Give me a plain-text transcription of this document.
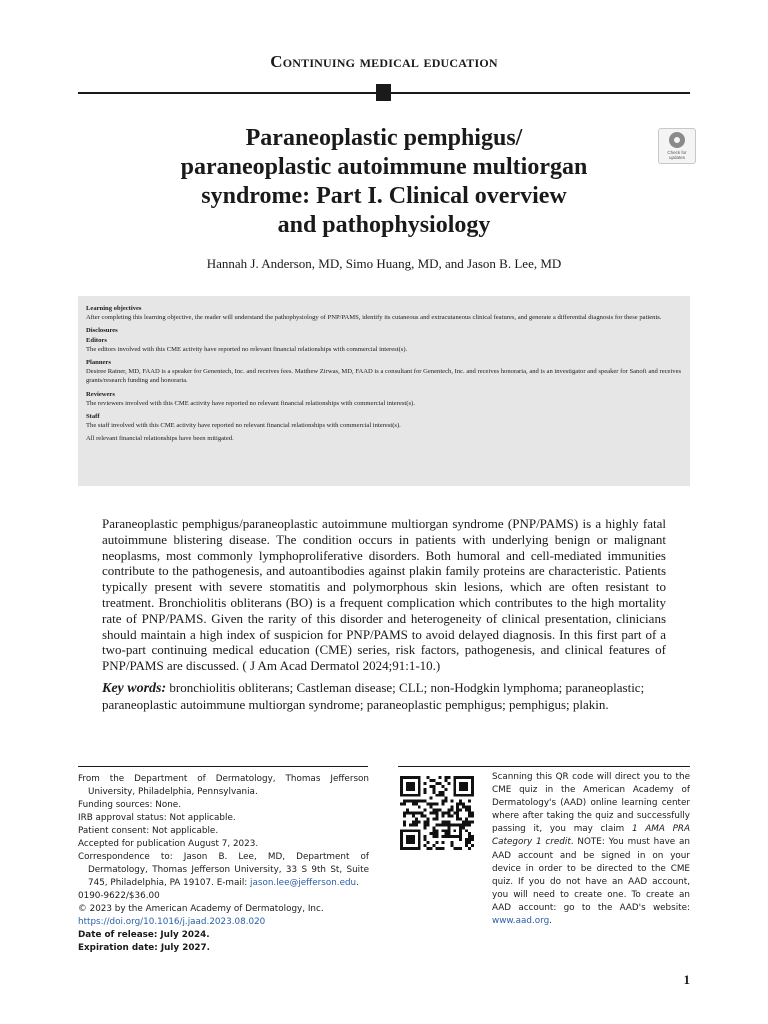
Continuing medical education
Paraneoplastic pemphigus/
paraneoplastic autoimmune multiorgan
syndrome: Part I. Clinical overview
and pathophysiology
Check for updates
Hannah J. Anderson, MD, Simo Huang, MD, and Jason B. Lee, MD
Learning objectives
After completing this learning objective, the reader will understand the pathophysiology of PNP/PAMS, identify its cutaneous and extracutaneous clinical features, and generate a differential diagnosis for these patients.
Disclosures
Editors
The editors involved with this CME activity have reported no relevant financial relationships with commercial interest(s).
Planners
Desiree Ratner, MD, FAAD is a speaker for Genentech, Inc. and receives fees. Matthew Zirwas, MD, FAAD is a consultant for Genentech, Inc. and receives honoraria, and is an investigator and speaker for Sanofi and receives grants/research funding and honoraria.
Reviewers
The reviewers involved with this CME activity have reported no relevant financial relationships with commercial interest(s).
Staff
The staff involved with this CME activity have reported no relevant financial relationships with commercial interest(s).
All relevant financial relationships have been mitigated.
Paraneoplastic pemphigus/paraneoplastic autoimmune multiorgan syndrome (PNP/PAMS) is a highly fatal autoimmune blistering disease. The condition occurs in patients with underlying benign or malignant neoplasms, most commonly lymphoproliferative disorders. Both humoral and cell-mediated immunities contribute to the pathogenesis, and autoantibodies against plakin family proteins are characteristic. Patients typically present with severe stomatitis and polymorphous skin lesions, which are often resistant to treatment. Bronchiolitis obliterans (BO) is a frequent complication which contributes to the high mortality rate of PNP/PAMS. Given the rarity of this disorder and heterogeneity of clinical presentation, clinicians should maintain a high index of suspicion for PNP/PAMS to avoid delayed diagnosis. In this first part of a two-part continuing medical education (CME) series, risk factors, pathogenesis, and clinical features of PNP/PAMS are discussed. ( J Am Acad Dermatol 2024;91:1-10.)
Key words: bronchiolitis obliterans; Castleman disease; CLL; non-Hodgkin lymphoma; paraneoplastic; paraneoplastic autoimmune multiorgan syndrome; paraneoplastic pemphigus; pemphigus; plakin.
From the Department of Dermatology, Thomas Jefferson University, Philadelphia, Pennsylvania.
Funding sources: None.
IRB approval status: Not applicable.
Patient consent: Not applicable.
Accepted for publication August 7, 2023.
Correspondence to: Jason B. Lee, MD, Department of Dermatology, Thomas Jefferson University, 33 S 9th St, Suite 745, Philadelphia, PA 19107. E-mail: jason.lee@jefferson.edu.
0190-9622/$36.00
© 2023 by the American Academy of Dermatology, Inc.
https://doi.org/10.1016/j.jaad.2023.08.020
Date of release: July 2024.
Expiration date: July 2027.
Scanning this QR code will direct you to the CME quiz in the American Academy of Dermatology's (AAD) online learning center where after taking the quiz and successfully passing it, you may claim 1 AMA PRA Category 1 credit. NOTE: You must have an AAD account and be signed in on your device in order to be directed to the CME quiz. If you do not have an AAD account, you will need to create one. To create an AAD account: go to the AAD's website: www.aad.org.
1
